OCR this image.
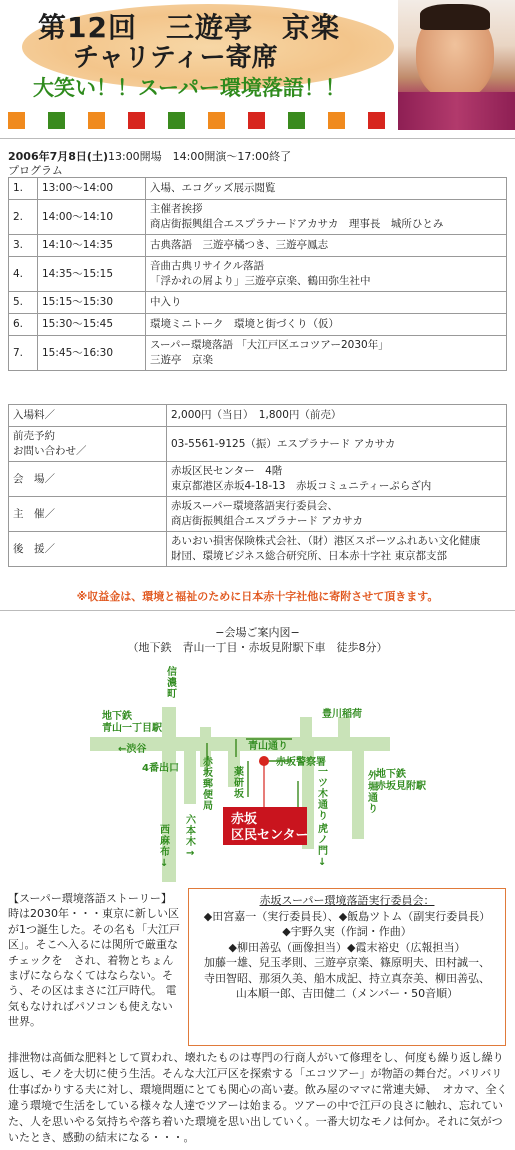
第12回　三遊亭　京楽
チャリティー寄席
大笑い！！スーパー環境落語！！
2006年7月8日(土)13:00開場　14:00開演〜17:00終了
プログラム
1.	13:00〜14:00	入場、エコグッズ展示閲覧
2.	14:00〜14:10	主催者挨拶
商店街振興組合エスプラナードアカサカ　理事長　城所ひとみ
3.	14:10〜14:35	古典落語　三遊亭橘つき、三遊亭鳳志
4.	14:35〜15:15	音曲古典リサイクル落語
「浮かれの屑より」三遊亭京楽、鶴田弥生社中
5.	15:15〜15:30	中入り
6.	15:30〜15:45	環境ミニトーク　環境と街づくり（仮）
7.	15:45〜16:30	スーパー環境落語 「大江戸区エコツアー2030年」
三遊亭　京楽
入場料／	2,000円（当日）　1,800円（前売）
前売予約
お問い合わせ／	03-5561-9125（振）エスプラナード アカサカ
会　場／	赤坂区民センター　4階
東京都港区赤坂4-18-13　赤坂コミュニティーぷらざ内
主　催／	赤坂スーパー環境落語実行委員会、
商店街振興組合エスプラナード アカサカ
後　援／	あいおい損害保険株式会社、（財）港区スポーツふれあい文化健康
財団、環境ビジネス総合研究所、日本赤十字社 東京都支部
※収益金は、環境と福祉のために日本赤十字社他に寄附させて頂きます。
−会場ご案内図−
（地下鉄　青山一丁目・赤坂見附駅下車　徒歩8分）
信濃町
地下鉄青山一丁目駅
←渋谷
4番出口
豊川稲荷
青山通り
赤坂警察署
地下鉄赤坂見附駅
赤坂郵便局
薬研坂
一ツ木通り
外堀通り
六本木→
西麻布↓
虎ノ門↓
赤坂区民センター

【スーパー環境落語ストーリー】

時は2030年・・・東京に新しい区が1つ誕生した。その名も「大江戸区」。そこへ入るには関所で厳重なチェックを　され、着物とちょんまげにならなくてはならない。そう、その区はまさに江戸時代。 電気もなければパソコンも使えない世界。

赤坂スーパー環境落語実行委員会：
◆田宮嘉一（実行委員長）、◆飯島ツトム（副実行委員長）
◆宇野久実（作詞・作曲）
◆柳田善弘（画像担当）◆霞末裕史（広報担当）
加藤一雄、兒玉孝則、三遊亭京楽、篠原明夫、田村誠一、
寺田智昭、那須久美、船木成記、持立真奈美、柳田善弘、
山本順一郎、吉田健二（メンバー・50音順）
排泄物は高価な肥料として買われ、壊れたものは専門の行商人がいて修理をし、何度も繰り返し繰り返し、モノを大切に使う生活。そんな大江戸区を探索する「エコツアー」が物語の舞台だ。バリバリ仕事ばかりする夫に対し、環境問題にとても関心の高い妻。飲み屋のママに常連夫婦、　オカマ、全く違う環境で生活をしている様々な人達でツアーは始まる。ツアーの中で江戸の良さに触れ、忘れていた、人を思いやる気持ちや落ち着いた環境を思い出していく。一番大切なモノは何か。それに気がついたとき、感動の結末になる・・・。
